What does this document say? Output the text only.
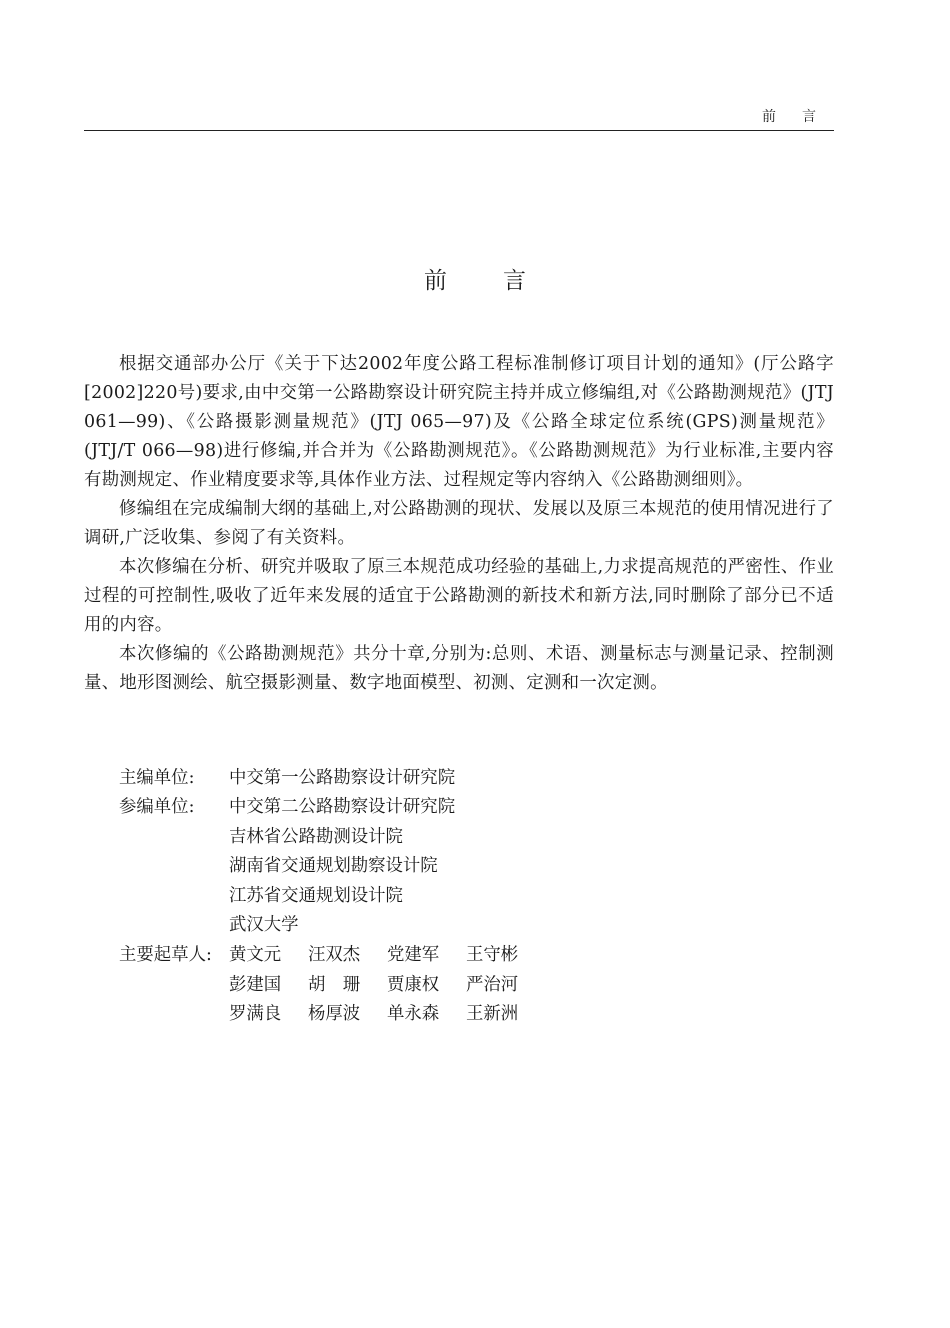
前言
前言

根据交通部办公厅《关于下达2002年度公路工程标准制修订项目计划的通知》(厅公路字[2002]220号)要求,由中交第一公路勘察设计研究院主持并成立修编组,对《公路勘测规范》(JTJ 061—99)、《公路摄影测量规范》(JTJ 065—97)及《公路全球定位系统(GPS)测量规范》(JTJ/T 066—98)进行修编,并合并为《公路勘测规范》。《公路勘测规范》为行业标准,主要内容有勘测规定、作业精度要求等,具体作业方法、过程规定等内容纳入《公路勘测细则》。

修编组在完成编制大纲的基础上,对公路勘测的现状、发展以及原三本规范的使用情况进行了调研,广泛收集、参阅了有关资料。

本次修编在分析、研究并吸取了原三本规范成功经验的基础上,力求提高规范的严密性、作业过程的可控制性,吸收了近年来发展的适宜于公路勘测的新技术和新方法,同时删除了部分已不适用的内容。

本次修编的《公路勘测规范》共分十章,分别为:总则、术语、测量标志与测量记录、控制测量、地形图测绘、航空摄影测量、数字地面模型、初测、定测和一次定测。

主编单位: 中交第一公路勘察设计研究院
参编单位: 中交第二公路勘察设计研究院
吉林省公路勘测设计院
湖南省交通规划勘察设计院
江苏省交通规划设计院
武汉大学
主要起草人: 黄文元	汪双杰	党建军	王守彬
彭建国	胡　珊	贾康权	严治河
罗满良	杨厚波	单永森	王新洲
